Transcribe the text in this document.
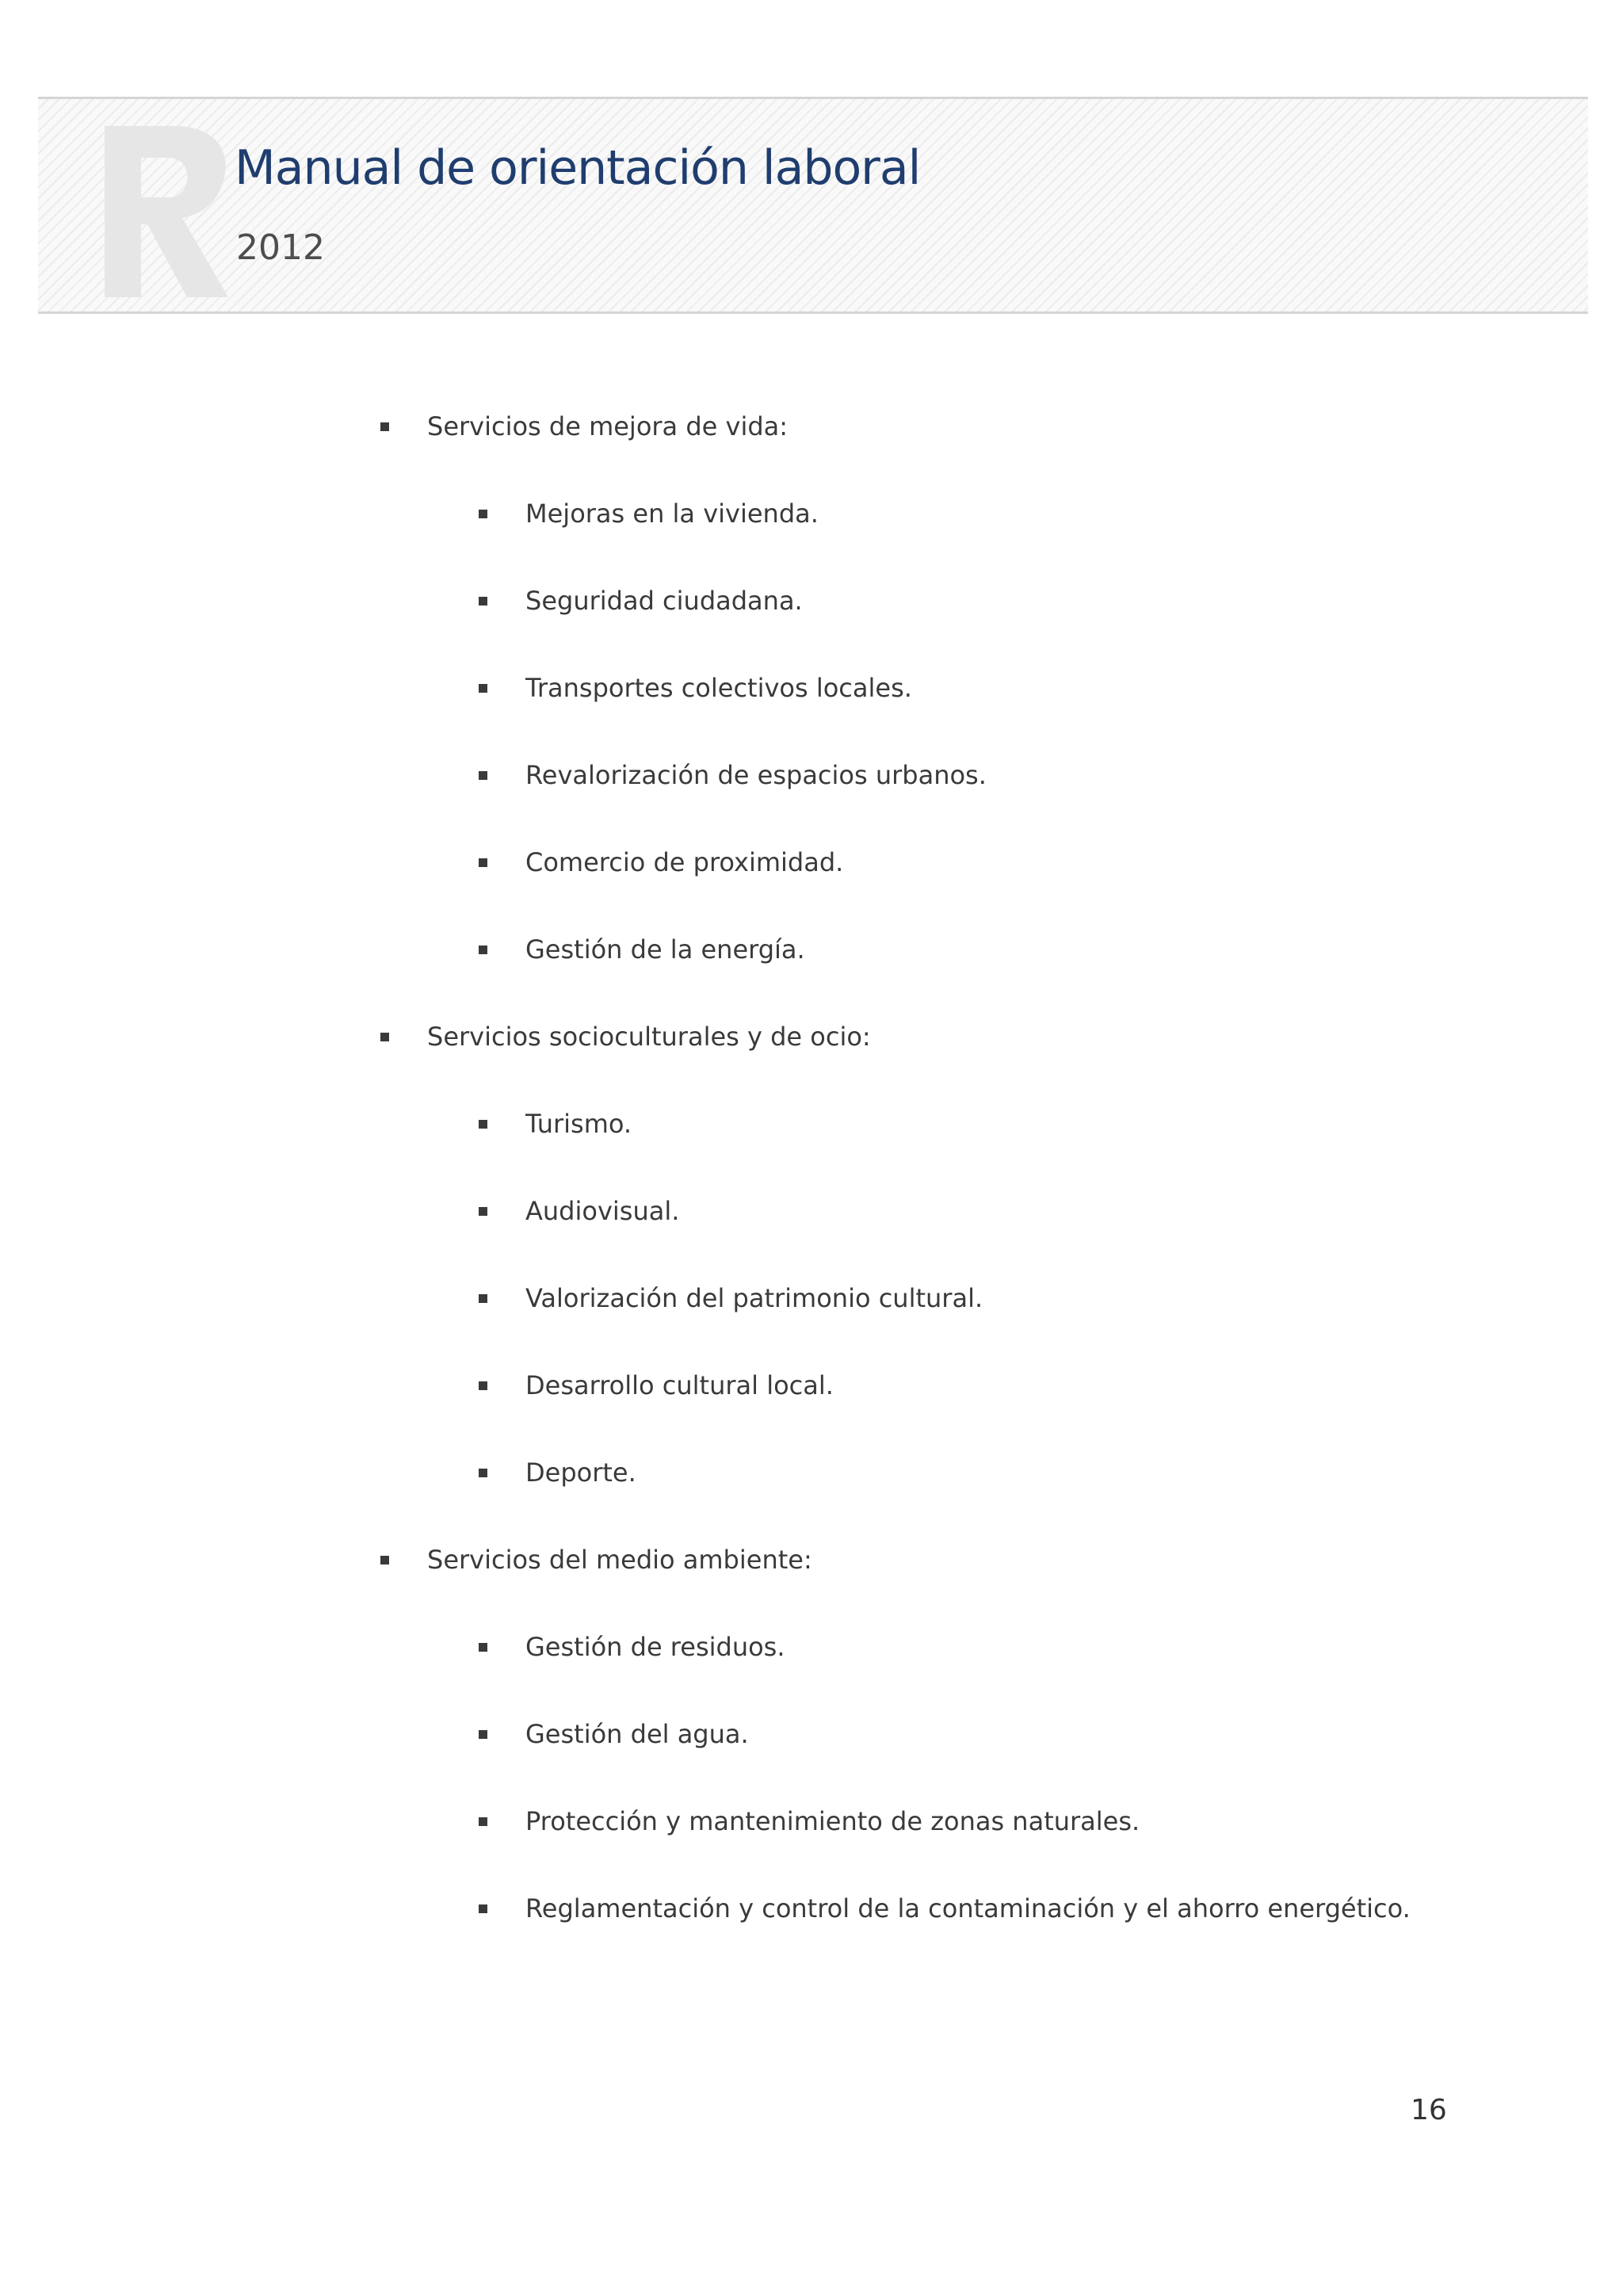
Manual de orientación laboral
2012
Servicios de mejora de vida:
Mejoras en la vivienda.
Seguridad ciudadana.
Transportes colectivos locales.
Revalorización de espacios urbanos.
Comercio de proximidad.
Gestión de la energía.
Servicios socioculturales y de ocio:
Turismo.
Audiovisual.
Valorización del patrimonio cultural.
Desarrollo cultural local.
Deporte.
Servicios del medio ambiente:
Gestión de residuos.
Gestión del agua.
Protección y mantenimiento de zonas naturales.
Reglamentación y control de la contaminación y el ahorro energético.
16
